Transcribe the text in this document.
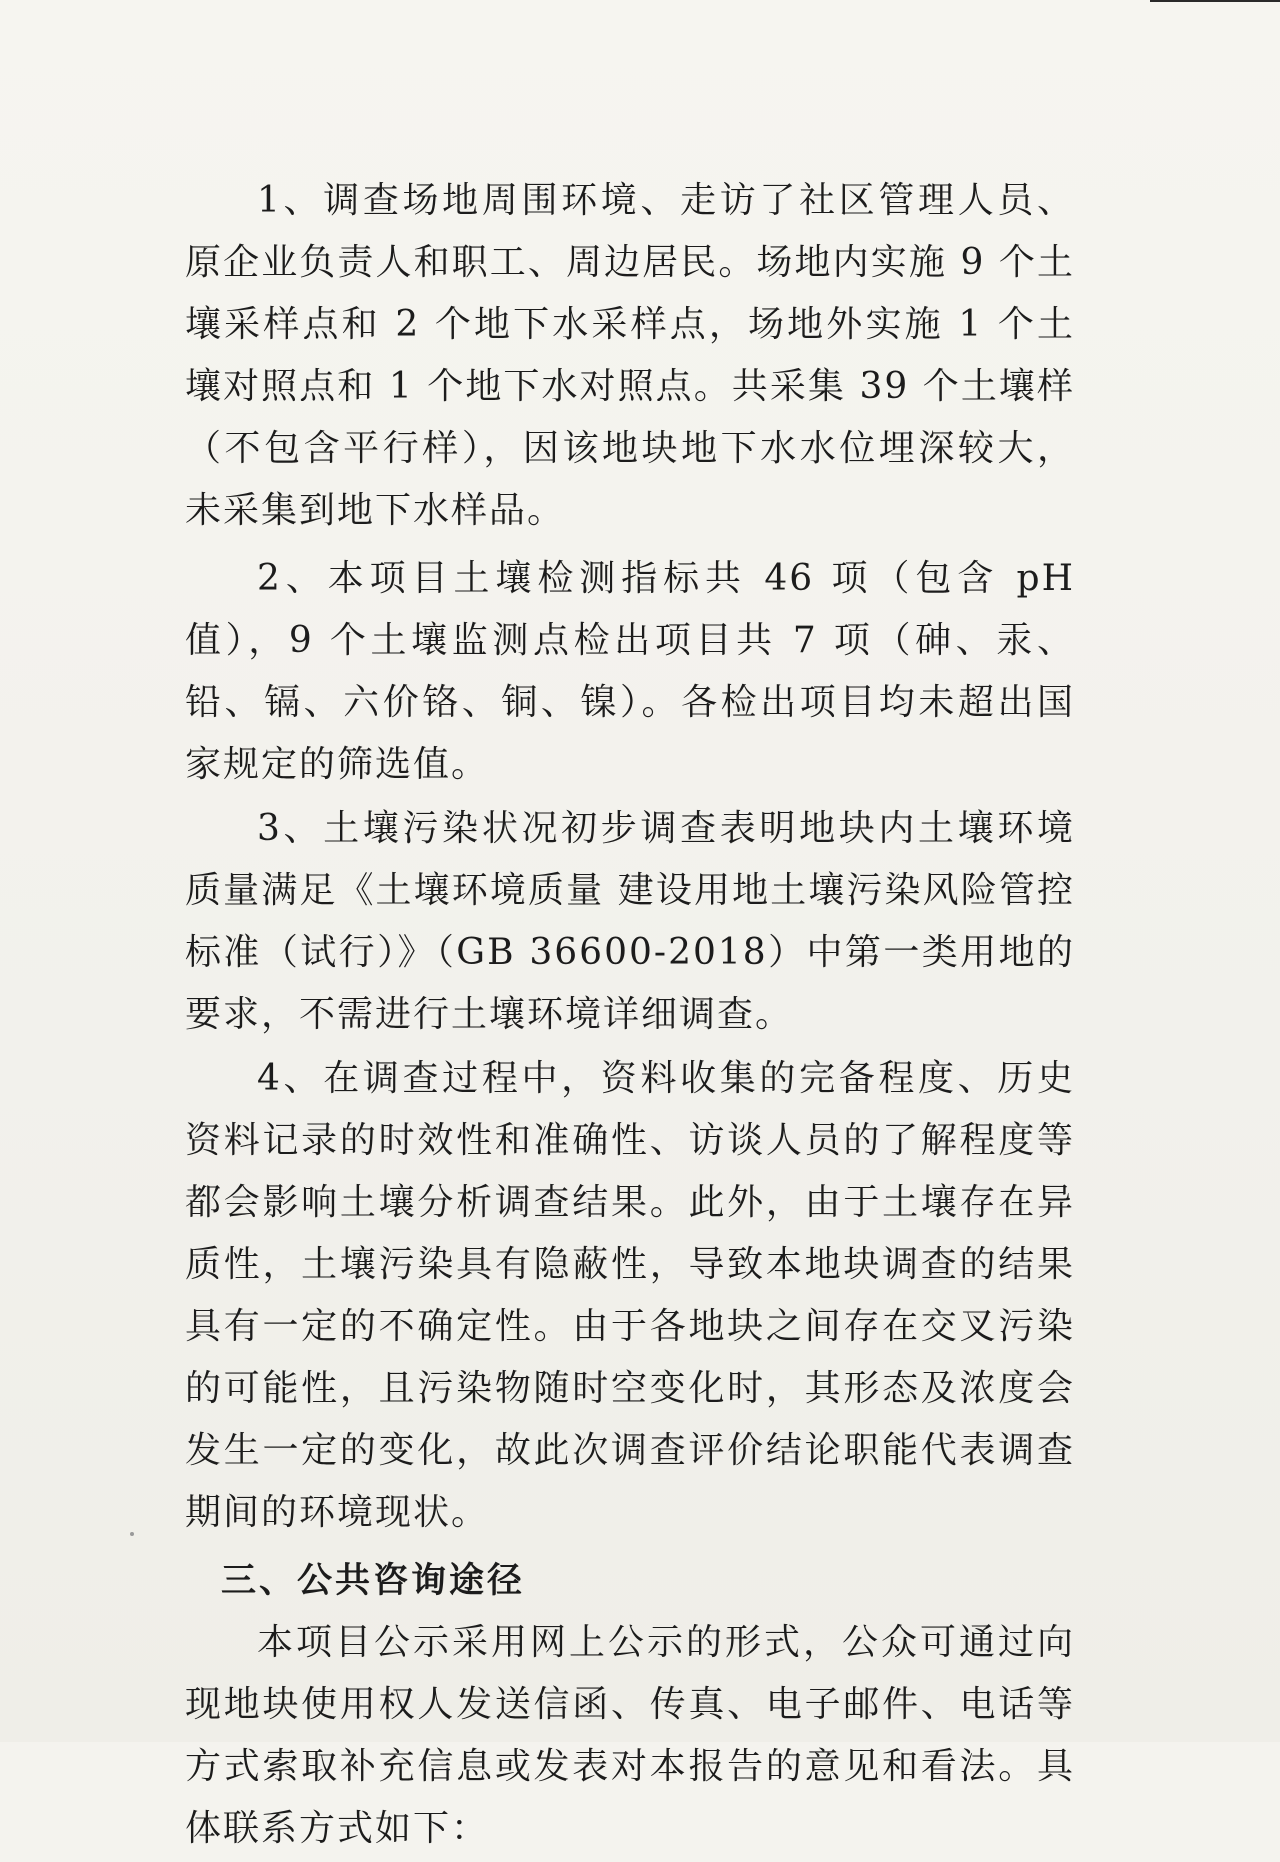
1、调查场地周围环境、走访了社区管理人员、原企业负责人和职工、周边居民。场地内实施 9 个土壤采样点和 2 个地下水采样点，场地外实施 1 个土壤对照点和 1 个地下水对照点。共采集 39 个土壤样（不包含平行样），因该地块地下水水位埋深较大，未采集到地下水样品。

2、本项目土壤检测指标共 46 项（包含 pH 值），9 个土壤监测点检出项目共 7 项（砷、汞、铅、镉、六价铬、铜、镍）。各检出项目均未超出国家规定的筛选值。

3、土壤污染状况初步调查表明地块内土壤环境质量满足《土壤环境质量 建设用地土壤污染风险管控标准（试行）》（GB 36600-2018）中第一类用地的要求，不需进行土壤环境详细调查。

4、在调查过程中，资料收集的完备程度、历史资料记录的时效性和准确性、访谈人员的了解程度等都会影响土壤分析调查结果。此外，由于土壤存在异质性，土壤污染具有隐蔽性，导致本地块调查的结果具有一定的不确定性。由于各地块之间存在交叉污染的可能性，且污染物随时空变化时，其形态及浓度会发生一定的变化，故此次调查评价结论职能代表调查期间的环境现状。

三、公共咨询途径

本项目公示采用网上公示的形式，公众可通过向现地块使用权人发送信函、传真、电子邮件、电话等方式索取补充信息或发表对本报告的意见和看法。具体联系方式如下：
